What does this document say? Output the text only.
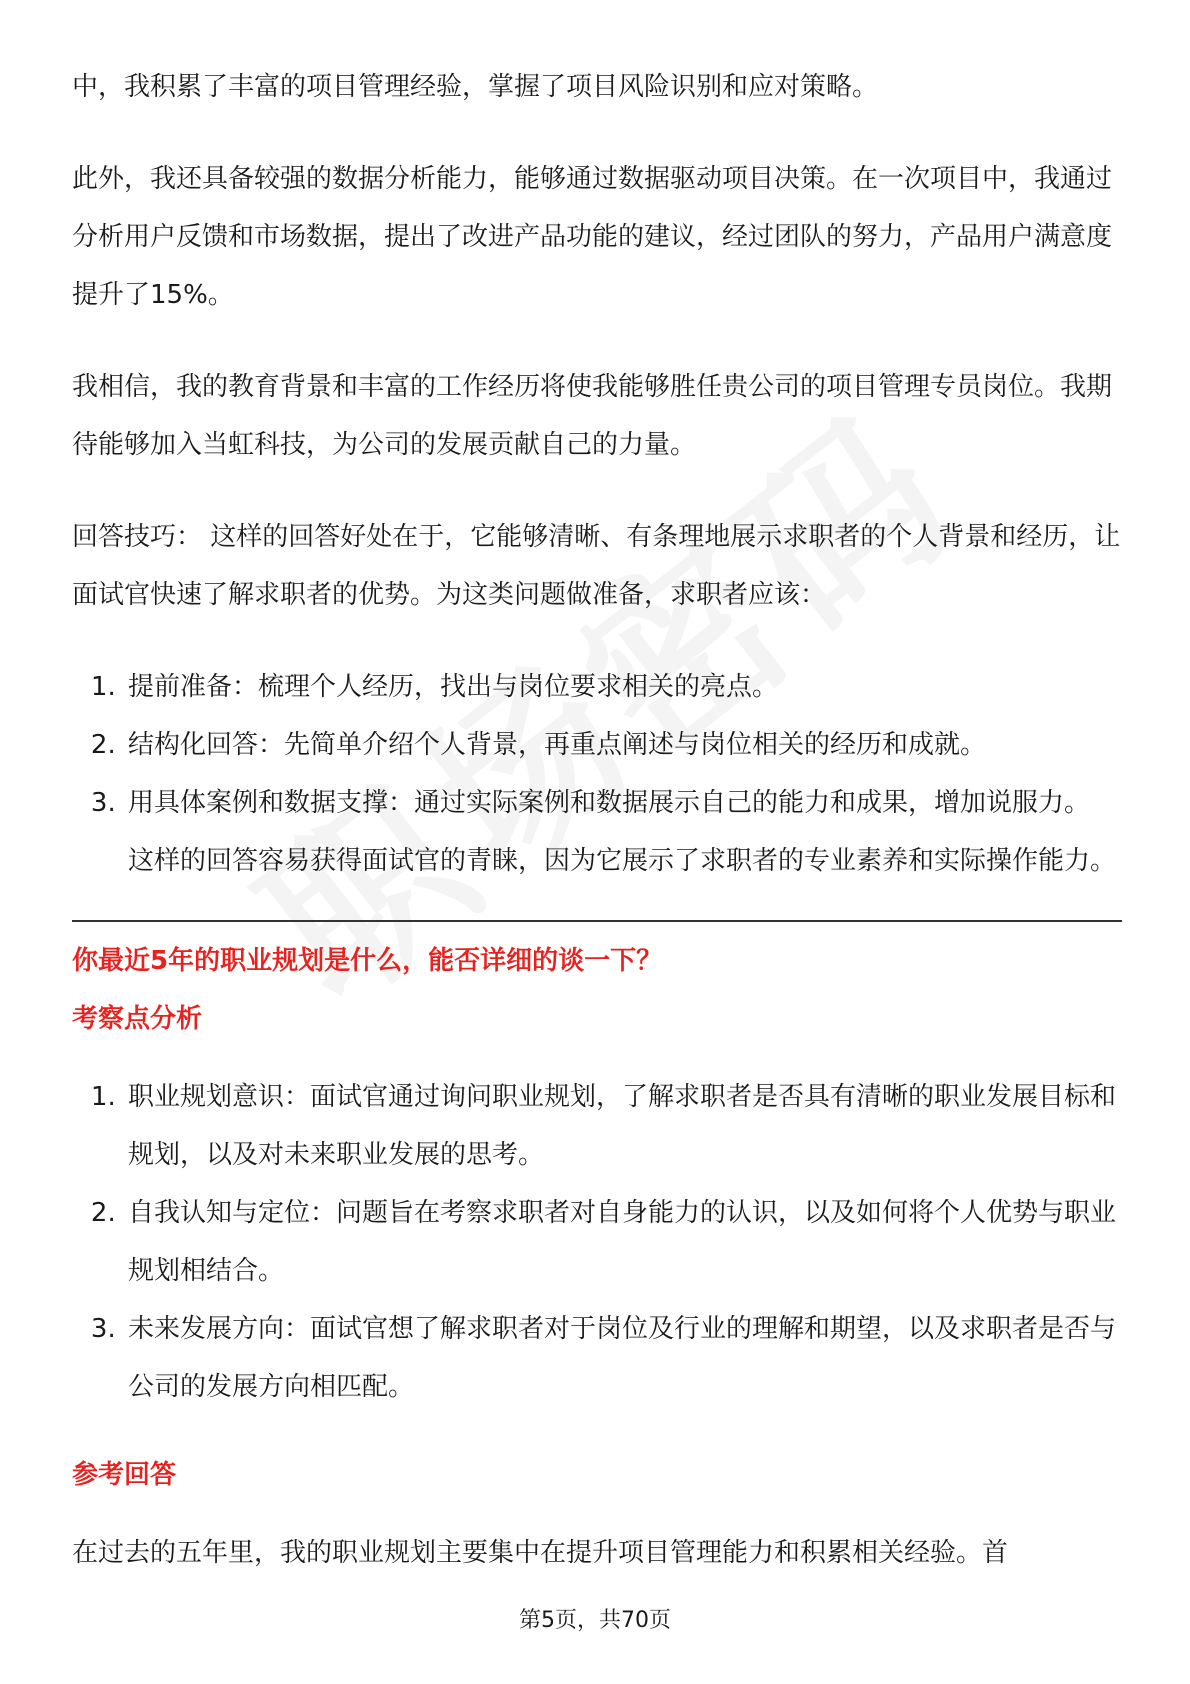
中，我积累了丰富的项目管理经验，掌握了项目风险识别和应对策略。

此外，我还具备较强的数据分析能力，能够通过数据驱动项目决策。在一次项目中，我通过分析用户反馈和市场数据，提出了改进产品功能的建议，经过团队的努力，产品用户满意度提升了15%。

我相信，我的教育背景和丰富的工作经历将使我能够胜任贵公司的项目管理专员岗位。我期待能够加入当虹科技，为公司的发展贡献自己的力量。

回答技巧： 这样的回答好处在于，它能够清晰、有条理地展示求职者的个人背景和经历，让面试官快速了解求职者的优势。为这类问题做准备，求职者应该：

1. 提前准备：梳理个人经历，找出与岗位要求相关的亮点。
2. 结构化回答：先简单介绍个人背景，再重点阐述与岗位相关的经历和成就。
3. 用具体案例和数据支撑：通过实际案例和数据展示自己的能力和成果，增加说服力。 这样的回答容易获得面试官的青睐，因为它展示了求职者的专业素养和实际操作能力。
你最近5年的职业规划是什么，能否详细的谈一下？
考察点分析
1. 职业规划意识：面试官通过询问职业规划，了解求职者是否具有清晰的职业发展目标和规划，以及对未来职业发展的思考。
2. 自我认知与定位：问题旨在考察求职者对自身能力的认识，以及如何将个人优势与职业规划相结合。
3. 未来发展方向：面试官想了解求职者对于岗位及行业的理解和期望，以及求职者是否与公司的发展方向相匹配。
参考回答

在过去的五年里，我的职业规划主要集中在提升项目管理能力和积累相关经验。首

第5页，共70页
